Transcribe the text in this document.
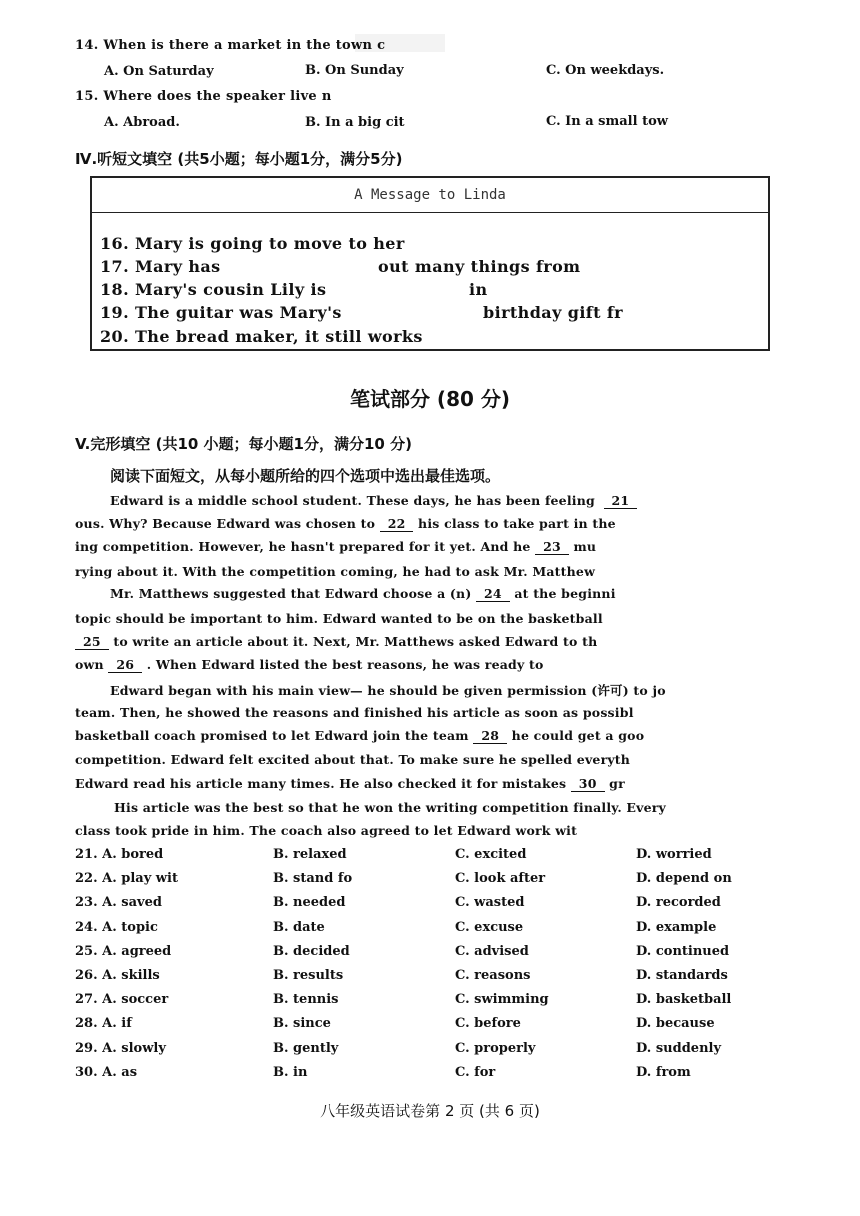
14. When is there a market in the town c
A. On Saturday	B. On Sunday	C. On weekdays.
15. Where does the speaker live n
A. Abroad.	B. In a big cit	C. In a small tow
Ⅳ.听短文填空 (共5小题；每小题1分，满分5分)
A Message to Linda
16. Mary is going to move to her
17. Mary has	out many things from
18. Mary's cousin Lily is	in
19. The guitar was Mary's	birthday gift fr
20. The bread maker, it still works
笔试部分 (80 分)
V.完形填空 (共10 小题；每小题1分，满分10 分)
阅读下面短文，从每小题所给的四个选项中选出最佳选项。
Edward is a middle school student. These days, he has been feeling 21
ous. Why? Because Edward was chosen to 22 his class to take part in the
ing competition. However, he hasn't prepared for it yet. And he 23 mu
rying about it. With the competition coming, he had to ask Mr. Matthew
Mr. Matthews suggested that Edward choose a (n) 24 at the beginni
topic should be important to him. Edward wanted to be on the basketball
25 to write an article about it. Next, Mr. Matthews asked Edward to th
own 26 . When Edward listed the best reasons, he was ready to
Edward began with his main view— he should be given permission (许可) to jo
team. Then, he showed the reasons and finished his article as soon as possibl
basketball coach promised to let Edward join the team 28 he could get a goo
competition. Edward felt excited about that. To make sure he spelled everyth
Edward read his article many times. He also checked it for mistakes 30 gr
His article was the best so that he won the writing competition finally. Every
class took pride in him. The coach also agreed to let Edward work wit
21. A. bored	B. relaxed	C. excited	D. worried
22. A. play wit	B. stand fo	C. look after	D. depend on
23. A. saved	B. needed	C. wasted	D. recorded
24. A. topic	B. date	C. excuse	D. example
25. A. agreed	B. decided	C. advised	D. continued
26. A. skills	B. results	C. reasons	D. standards
27. A. soccer	B. tennis	C. swimming	D. basketball
28. A. if	B. since	C. before	D. because
29. A. slowly	B. gently	C. properly	D. suddenly
30. A. as	B. in	C. for	D. from
八年级英语试卷第 2 页 (共 6 页)
